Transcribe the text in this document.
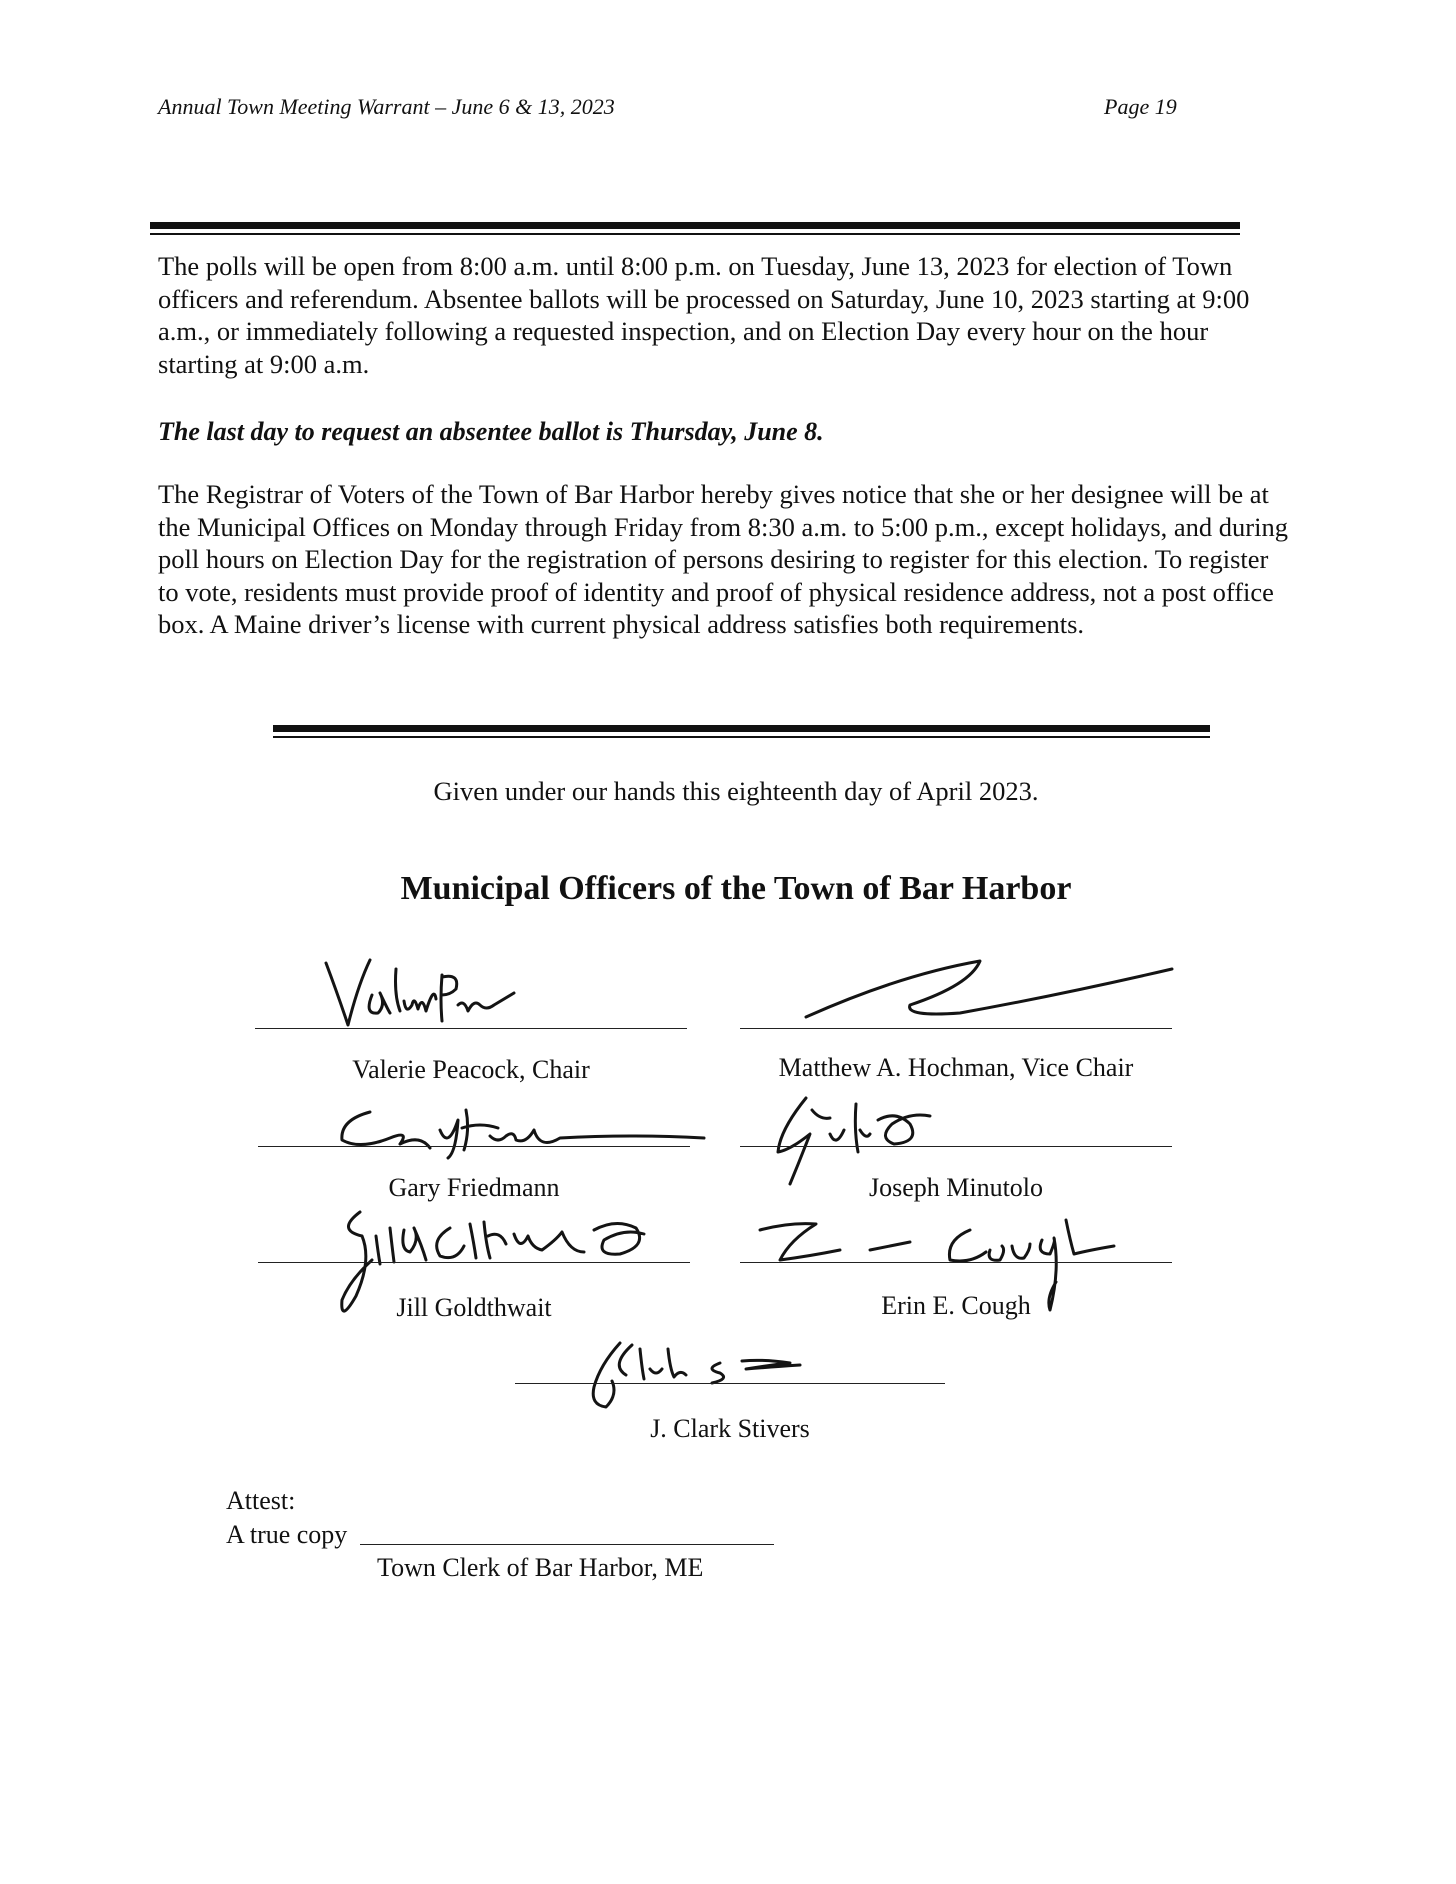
Annual Town Meeting Warrant – June 6 & 13, 2023	Page 19
The polls will be open from 8:00 a.m. until 8:00 p.m. on Tuesday, June 13, 2023 for election of Town officers and referendum. Absentee ballots will be processed on Saturday, June 10, 2023 starting at 9:00 a.m., or immediately following a requested inspection, and on Election Day every hour on the hour starting at 9:00 a.m.
The last day to request an absentee ballot is Thursday, June 8.
The Registrar of Voters of the Town of Bar Harbor hereby gives notice that she or her designee will be at the Municipal Offices on Monday through Friday from 8:30 a.m. to 5:00 p.m., except holidays, and during poll hours on Election Day for the registration of persons desiring to register for this election. To register to vote, residents must provide proof of identity and proof of physical residence address, not a post office box. A Maine driver’s license with current physical address satisfies both requirements.
Given under our hands this eighteenth day of April 2023.
Municipal Officers of the Town of Bar Harbor
Valerie Peacock, Chair	Matthew A. Hochman, Vice Chair
Gary Friedmann	Joseph Minutolo
Jill Goldthwait	Erin E. Cough
J. Clark Stivers
Attest:
A true copy
Town Clerk of Bar Harbor, ME
